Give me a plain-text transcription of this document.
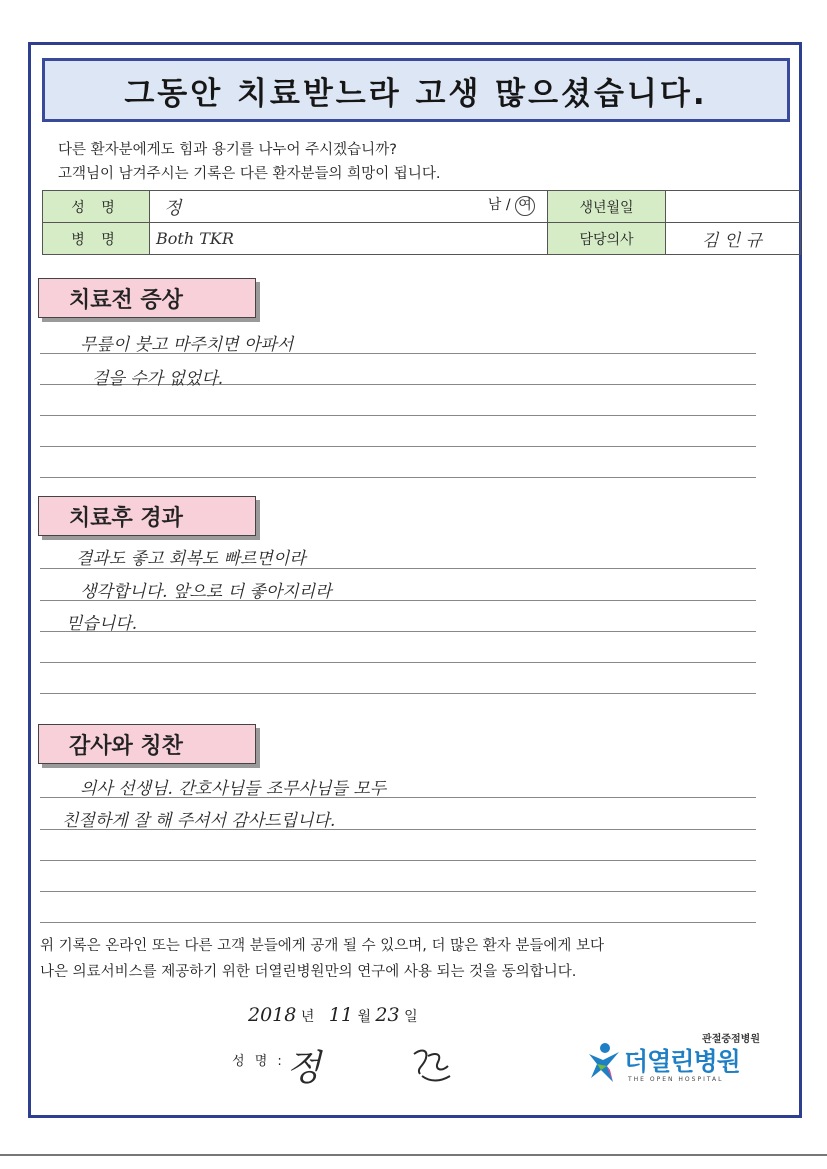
그동안 치료받느라 고생 많으셨습니다.
다른 환자분에게도 힘과 용기를 나누어 주시겠습니까?
고객님이 남겨주시는 기록은 다른 환자분들의 희망이 됩니다.
성 명	정 남 / 여	생년월일	
병 명	Both TKR	담당의사	김 인 규
치료전 증상
무릎이 붓고 마주치면 아파서
걸을 수가 없었다.
치료후 경과
결과도 좋고 회복도 빠르면이라
생각합니다. 앞으로 더 좋아지리라
믿습니다.
감사와 칭찬
의사 선생님. 간호사님들 조무사님들 모두
친절하게 잘 해 주셔서 감사드립니다.
위 기록은 온라인 또는 다른 고객 분들에게 공개 될 수 있으며, 더 많은 환자 분들에게 보다
나은 의료서비스를 제공하기 위한 더열린병원만의 연구에 사용 되는 것을 동의합니다.
2018 년 11 월 23 일
성 명 : 정
관절중점병원
더열린병원
THE OPEN HOSPITAL
